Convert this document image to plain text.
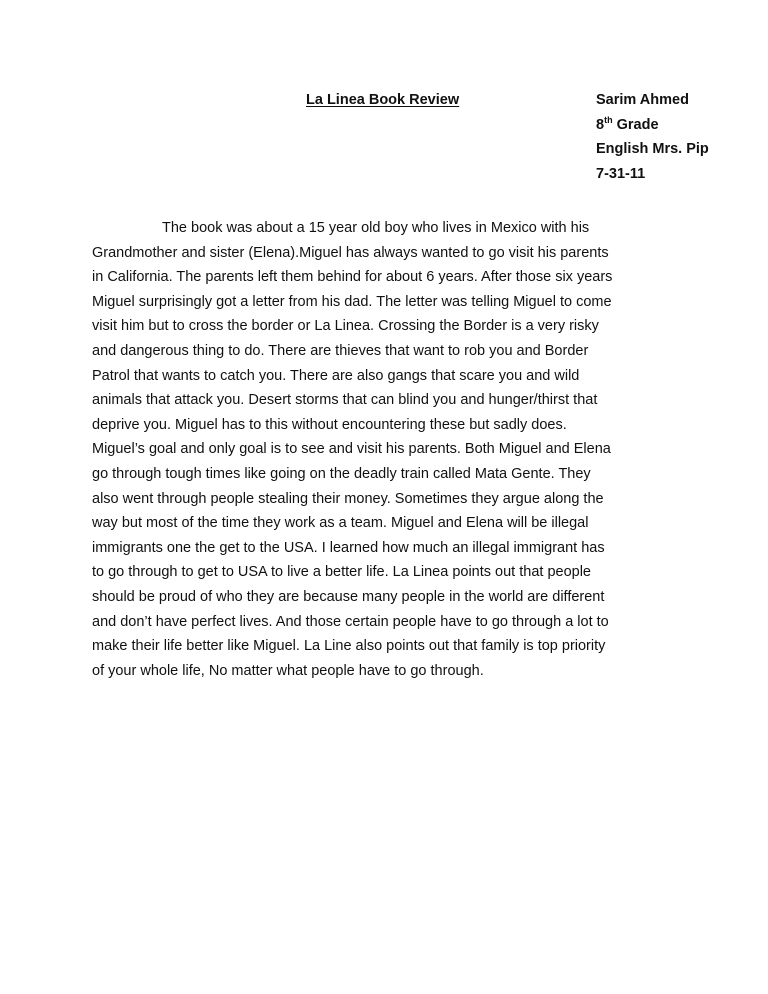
La Linea Book Review	Sarim Ahmed
8th Grade
English Mrs. Pip
7-31-11
The book was about a 15 year old boy who lives in Mexico with his
Grandmother and sister (Elena).Miguel has always wanted to go visit his parents
in California. The parents left them behind for about 6 years. After those six years
Miguel surprisingly got a letter from his dad. The letter was telling Miguel to come
visit him but to cross the border or La Linea. Crossing the Border is a very risky
and dangerous thing to do. There are thieves that want to rob you and Border
Patrol that wants to catch you. There are also gangs that scare you and wild
animals that attack you. Desert storms that can blind you and hunger/thirst that
deprive you. Miguel has to this without encountering these but sadly does.
Miguel’s goal and only goal is to see and visit his parents. Both Miguel and Elena
go through tough times like going on the deadly train called Mata Gente. They
also went through people stealing their money. Sometimes they argue along the
way but most of the time they work as a team. Miguel and Elena will be illegal
immigrants one the get to the USA. I learned how much an illegal immigrant has
to go through to get to USA to live a better life. La Linea points out that people
should be proud of who they are because many people in the world are different
and don’t have perfect lives. And those certain people have to go through a lot to
make their life better like Miguel. La Line also points out that family is top priority
of your whole life, No matter what people have to go through.
